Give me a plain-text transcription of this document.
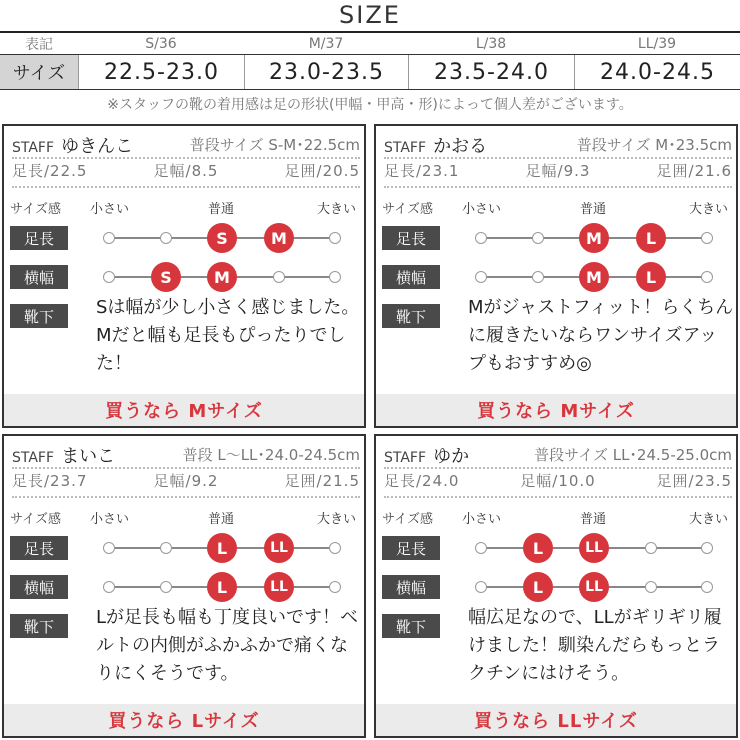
SIZE
表記	S/36	M/37	L/38	LL/39
サイズ	22.5-23.0	23.0-23.5	23.5-24.0	24.0-24.5
※スタッフの靴の着用感は足の形状(甲幅・甲高・形)によって個人差がございます。
STAFF ゆきんこ	普段サイズ S-M･22.5cm
足長/22.5	足幅/8.5	足囲/20.5
サイズ感 小さい	普通	大きい
足長
横幅
靴下
S	M
S	M
Sは幅が少し小さく感じました。Mだと幅も足長もぴったりでした！
買うなら Mサイズ
STAFF かおる	普段サイズ M･23.5cm
足長/23.1	足幅/9.3	足囲/21.6
サイズ感 小さい	普通	大きい
足長
横幅
靴下
M	L
M	L
Mがジャストフィット！らくちんに履きたいならワンサイズアップもおすすめ◎
買うなら Mサイズ
STAFF まいこ	普段 L～LL･24.0-24.5cm
足長/23.7	足幅/9.2	足囲/21.5
サイズ感 小さい	普通	大きい
足長
横幅
靴下
L	LL
L	LL
Lが足長も幅も丁度良いです！ベルトの内側がふかふかで痛くなりにくそうです。
買うなら Lサイズ
STAFF ゆか	普段サイズ LL･24.5-25.0cm
足長/24.0	足幅/10.0	足囲/23.5
サイズ感 小さい	普通	大きい
足長
横幅
靴下
L	LL
L	LL
幅広足なので、LLがギリギリ履けました！馴染んだらもっとラクチンにはけそう。
買うなら LLサイズ
